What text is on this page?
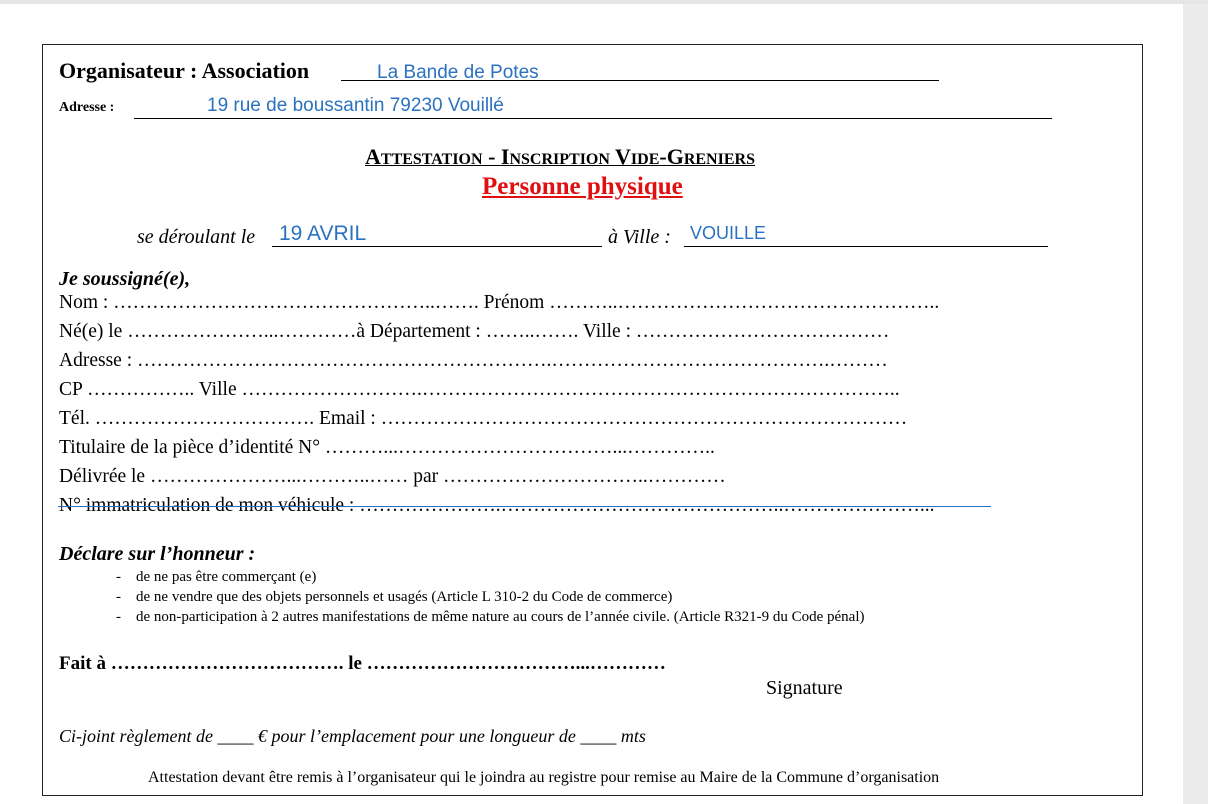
Organisateur : Association	La Bande de Potes
Adresse :	19 rue de boussantin 79230 Vouillé
ATTESTATION - INSCRIPTION VIDE-GRENIERS
Personne physique
se déroulant le 19 AVRIL	à Ville : VOUILLE
Je soussigné(e),
Nom : …………………………………………..……. Prénom ………..…………………………………………..
Né(e) le …………………...…………à Département : ……..……. Ville : …………………………………
Adresse : ……………………………………………………….…………………………………….………
CP …………….. Ville ……………………….………………………………………………………………..
Tél. ……………………………. Email : ………………………………………………………………………
Titulaire de la pièce d’identité N° ………...……………………………...…………..
Délivrée le …………………...………..…… par …………………………..…………
N° immatriculation de mon véhicule : ………………….……………………………………..…………………...
Déclare sur l’honneur :
- de ne pas être commerçant (e)
- de ne vendre que des objets personnels et usagés (Article L 310-2 du Code de commerce)
- de non-participation à 2 autres manifestations de même nature au cours de l’année civile. (Article R321-9 du Code pénal)
Fait à ………………………………. le ……………………………...…………
Signature
Ci-joint règlement de ____ € pour l’emplacement pour une longueur de ____ mts
Attestation devant être remis à l’organisateur qui le joindra au registre pour remise au Maire de la Commune d’organisation
